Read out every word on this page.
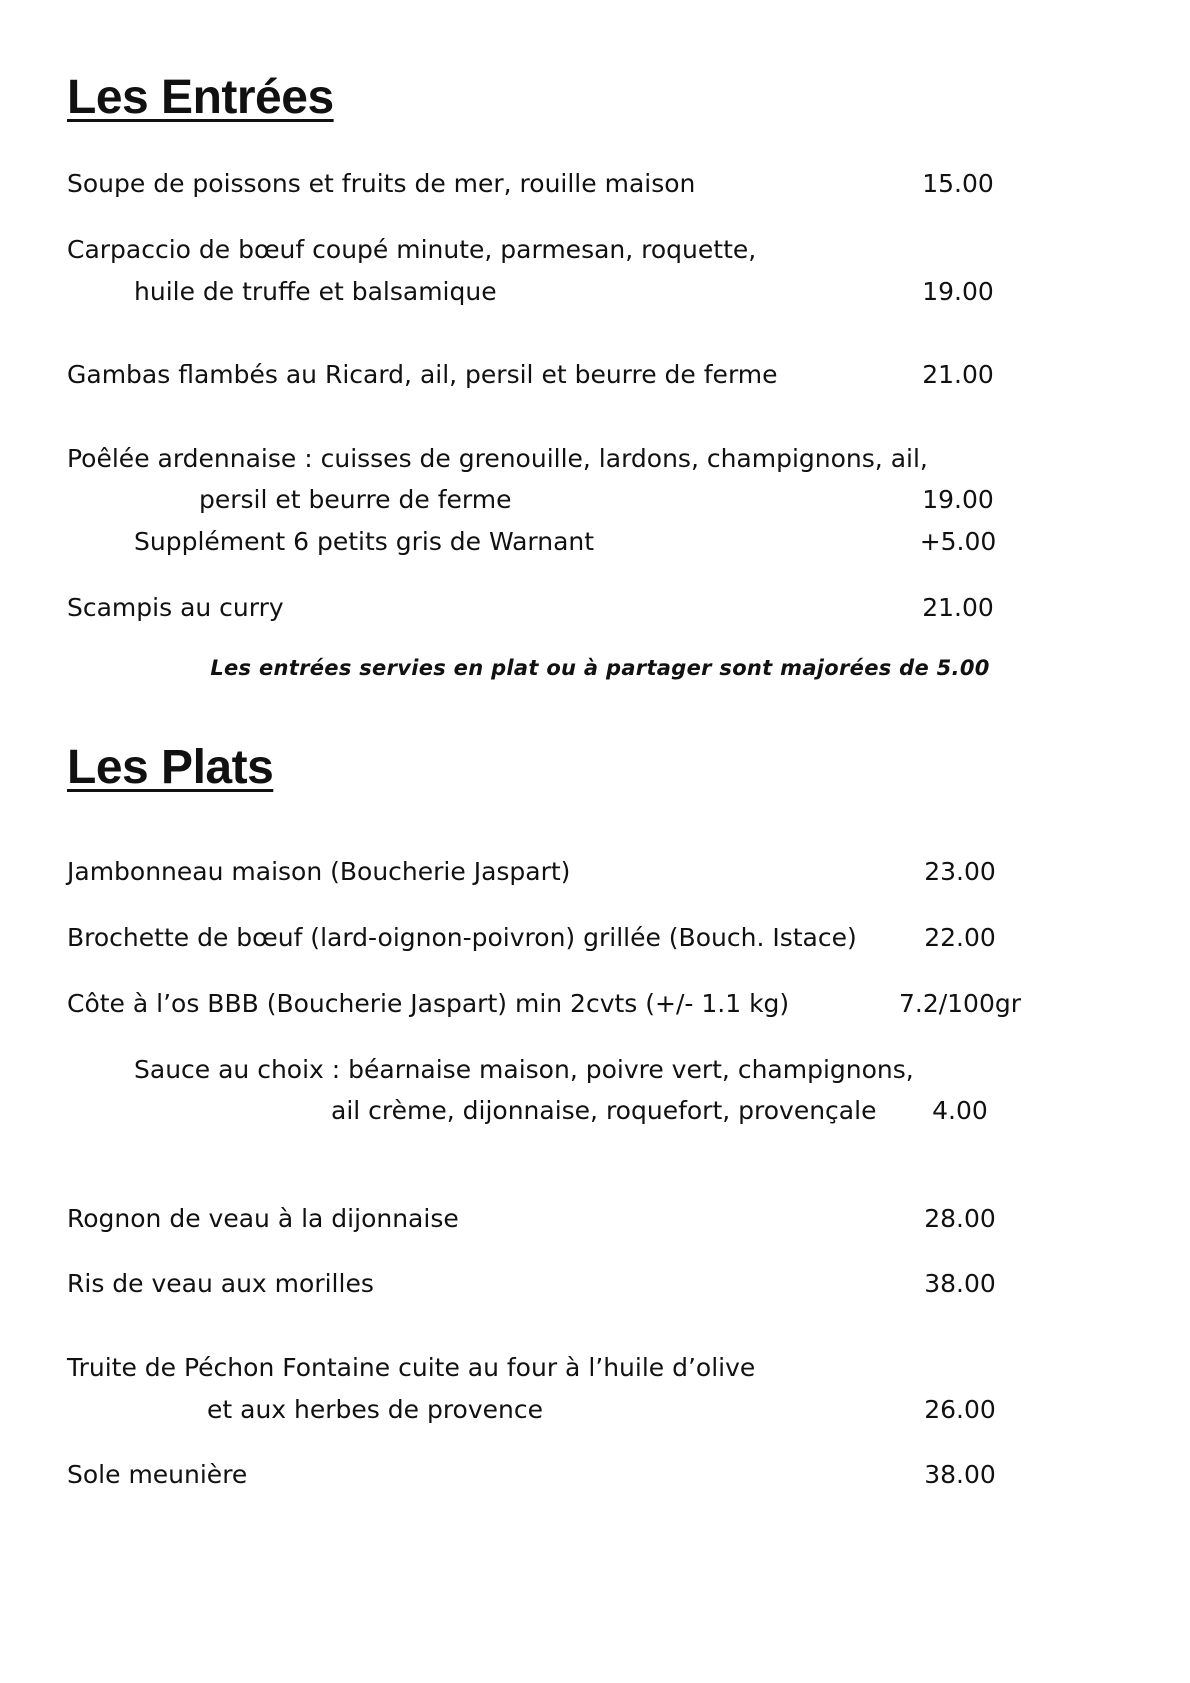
Les Entrées
Soupe de poissons et fruits de mer, rouille maison	15.00
Carpaccio de bœuf coupé minute, parmesan, roquette,
huile de truffe et balsamique	19.00
Gambas flambés au Ricard, ail, persil et beurre de ferme	21.00
Poêlée ardennaise : cuisses de grenouille, lardons, champignons, ail,
persil et beurre de ferme	19.00
Supplément 6 petits gris de Warnant	+5.00
Scampis au curry	21.00
Les entrées servies en plat ou à partager sont majorées de 5.00
Les Plats
Jambonneau maison (Boucherie Jaspart)	23.00
Brochette de bœuf (lard-oignon-poivron) grillée (Bouch. Istace)	22.00
Côte à l’os BBB (Boucherie Jaspart) min 2cvts (+/- 1.1 kg)	7.2/100gr
Sauce au choix : béarnaise maison, poivre vert, champignons,
ail crème, dijonnaise, roquefort, provençale	4.00
Rognon de veau à la dijonnaise	28.00
Ris de veau aux morilles	38.00
Truite de Péchon Fontaine cuite au four à l’huile d’olive
et aux herbes de provence	26.00
Sole meunière	38.00
